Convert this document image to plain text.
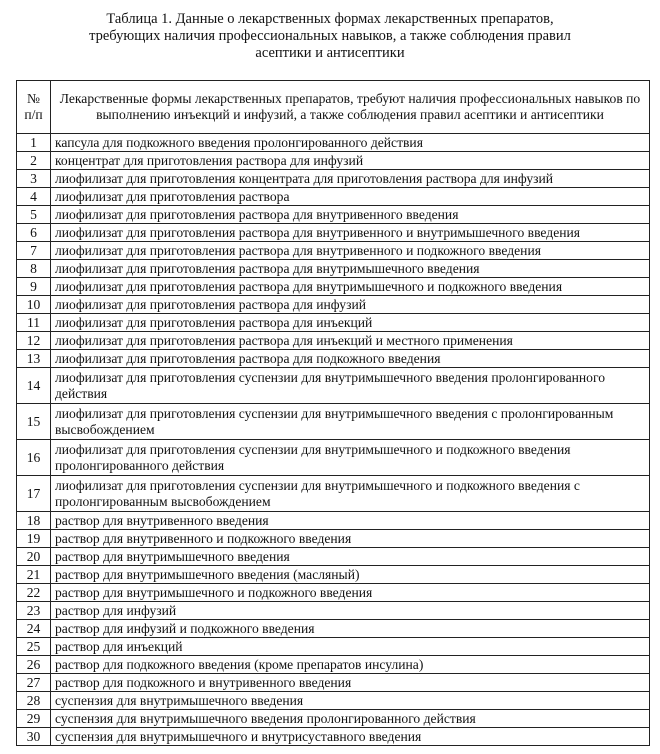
Таблица 1. Данные о лекарственных формах лекарственных препаратов,
требующих наличия профессиональных навыков, а также соблюдения правил
асептики и антисептики
№ п/п	Лекарственные формы лекарственных препаратов, требуют наличия профессиональных навыков по выполнению инъекций и инфузий, а также соблюдения правил асептики и антисептики
1	капсула для подкожного введения пролонгированного действия
2	концентрат для приготовления раствора для инфузий
3	лиофилизат для приготовления концентрата для приготовления раствора для инфузий
4	лиофилизат для приготовления раствора
5	лиофилизат для приготовления раствора для внутривенного введения
6	лиофилизат для приготовления раствора для внутривенного и внутримышечного введения
7	лиофилизат для приготовления раствора для внутривенного и подкожного введения
8	лиофилизат для приготовления раствора для внутримышечного введения
9	лиофилизат для приготовления раствора для внутримышечного и подкожного введения
10	лиофилизат для приготовления раствора для инфузий
11	лиофилизат для приготовления раствора для инъекций
12	лиофилизат для приготовления раствора для инъекций и местного применения
13	лиофилизат для приготовления раствора для подкожного введения
14	лиофилизат для приготовления суспензии для внутримышечного введения пролонгированного действия
15	лиофилизат для приготовления суспензии для внутримышечного введения с пролонгированным высвобождением
16	лиофилизат для приготовления суспензии для внутримышечного и подкожного введения пролонгированного действия
17	лиофилизат для приготовления суспензии для внутримышечного и подкожного введения с пролонгированным высвобождением
18	раствор для внутривенного введения
19	раствор для внутривенного и подкожного введения
20	раствор для внутримышечного введения
21	раствор для внутримышечного введения (масляный)
22	раствор для внутримышечного и подкожного введения
23	раствор для инфузий
24	раствор для инфузий и подкожного введения
25	раствор для инъекций
26	раствор для подкожного введения (кроме препаратов инсулина)
27	раствор для подкожного и внутривенного введения
28	суспензия для внутримышечного введения
29	суспензия для внутримышечного введения пролонгированного действия
30	суспензия для внутримышечного и внутрисуставного введения
